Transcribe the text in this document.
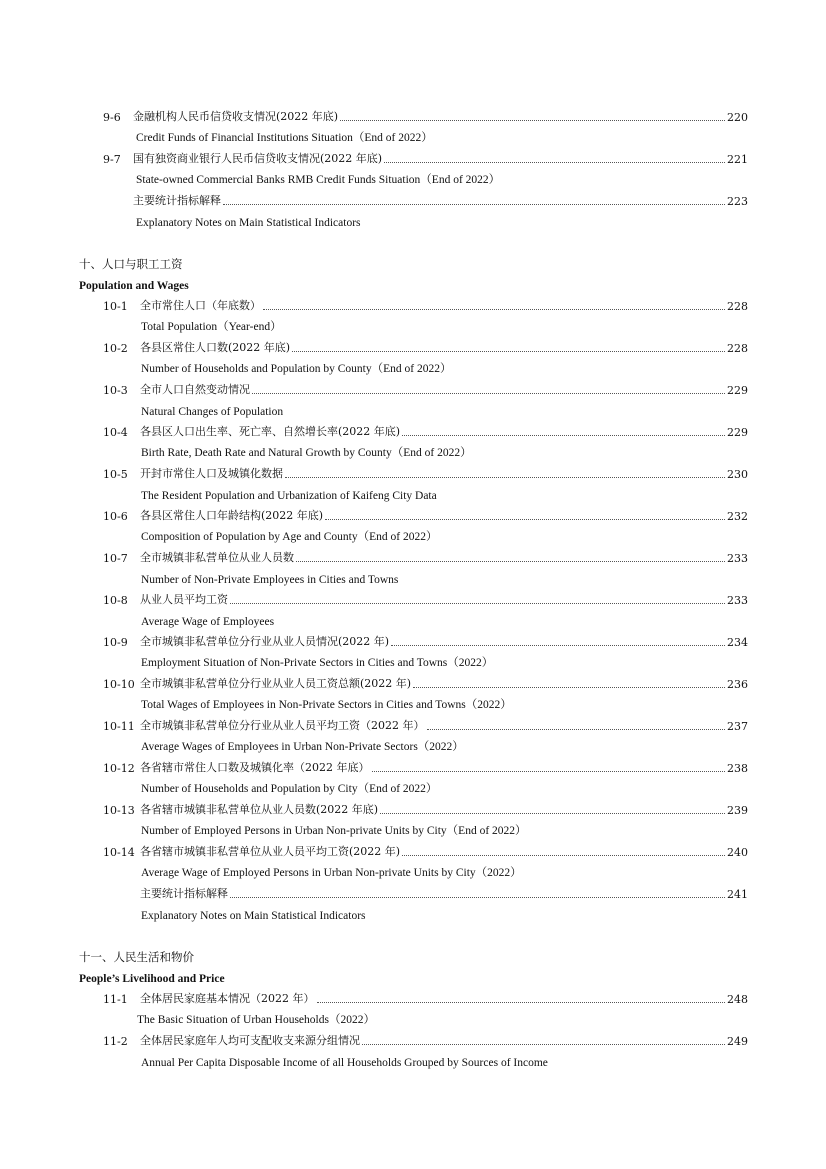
9-6	金融机构人民币信贷收支情况(2022 年底)	220
Credit Funds of Financial Institutions Situation（End of 2022）
9-7	国有独资商业银行人民币信贷收支情况(2022 年底)	221
State-owned Commercial Banks RMB Credit Funds Situation（End of 2022）
主要统计指标解释	223
Explanatory Notes on Main Statistical Indicators
十、人口与职工工资
Population and Wages
10-1	全市常住人口（年底数）	228
Total Population（Year-end）
10-2	各县区常住人口数(2022 年底)	228
Number of Households and Population by County（End of 2022）
10-3	全市人口自然变动情况	229
Natural Changes of Population
10-4	各县区人口出生率、死亡率、自然增长率(2022 年底)	229
Birth Rate, Death Rate and Natural Growth by County（End of 2022）
10-5	开封市常住人口及城镇化数据	230
The Resident Population and Urbanization of Kaifeng City Data
10-6	各县区常住人口年龄结构(2022 年底)	232
Composition of Population by Age and County（End of 2022）
10-7	全市城镇非私营单位从业人员数	233
Number of Non-Private Employees in Cities and Towns
10-8	从业人员平均工资	233
Average Wage of Employees
10-9	全市城镇非私营单位分行业从业人员情况(2022 年)	234
Employment Situation of Non-Private Sectors in Cities and Towns（2022）
10-10 全市城镇非私营单位分行业从业人员工资总额(2022 年)	236
Total Wages of Employees in Non-Private Sectors in Cities and Towns（2022）
10-11 全市城镇非私营单位分行业从业人员平均工资（2022 年）	237
Average Wages of Employees in Urban Non-Private Sectors（2022）
10-12 各省辖市常住人口数及城镇化率（2022 年底）	238
Number of Households and Population by City（End of 2022）
10-13 各省辖市城镇非私营单位从业人员数(2022 年底)	239
Number of Employed Persons in Urban Non-private Units by City（End of 2022）
10-14 各省辖市城镇非私营单位从业人员平均工资(2022 年)	240
Average Wage of Employed Persons in Urban Non-private Units by City（2022）
主要统计指标解释	241
Explanatory Notes on Main Statistical Indicators
十一、人民生活和物价
People’s Livelihood and Price
11-1	全体居民家庭基本情况（2022 年）	248
The Basic Situation of Urban Households（2022）
11-2	全体居民家庭年人均可支配收支来源分组情况	249
Annual Per Capita Disposable Income of all Households Grouped by Sources of Income
